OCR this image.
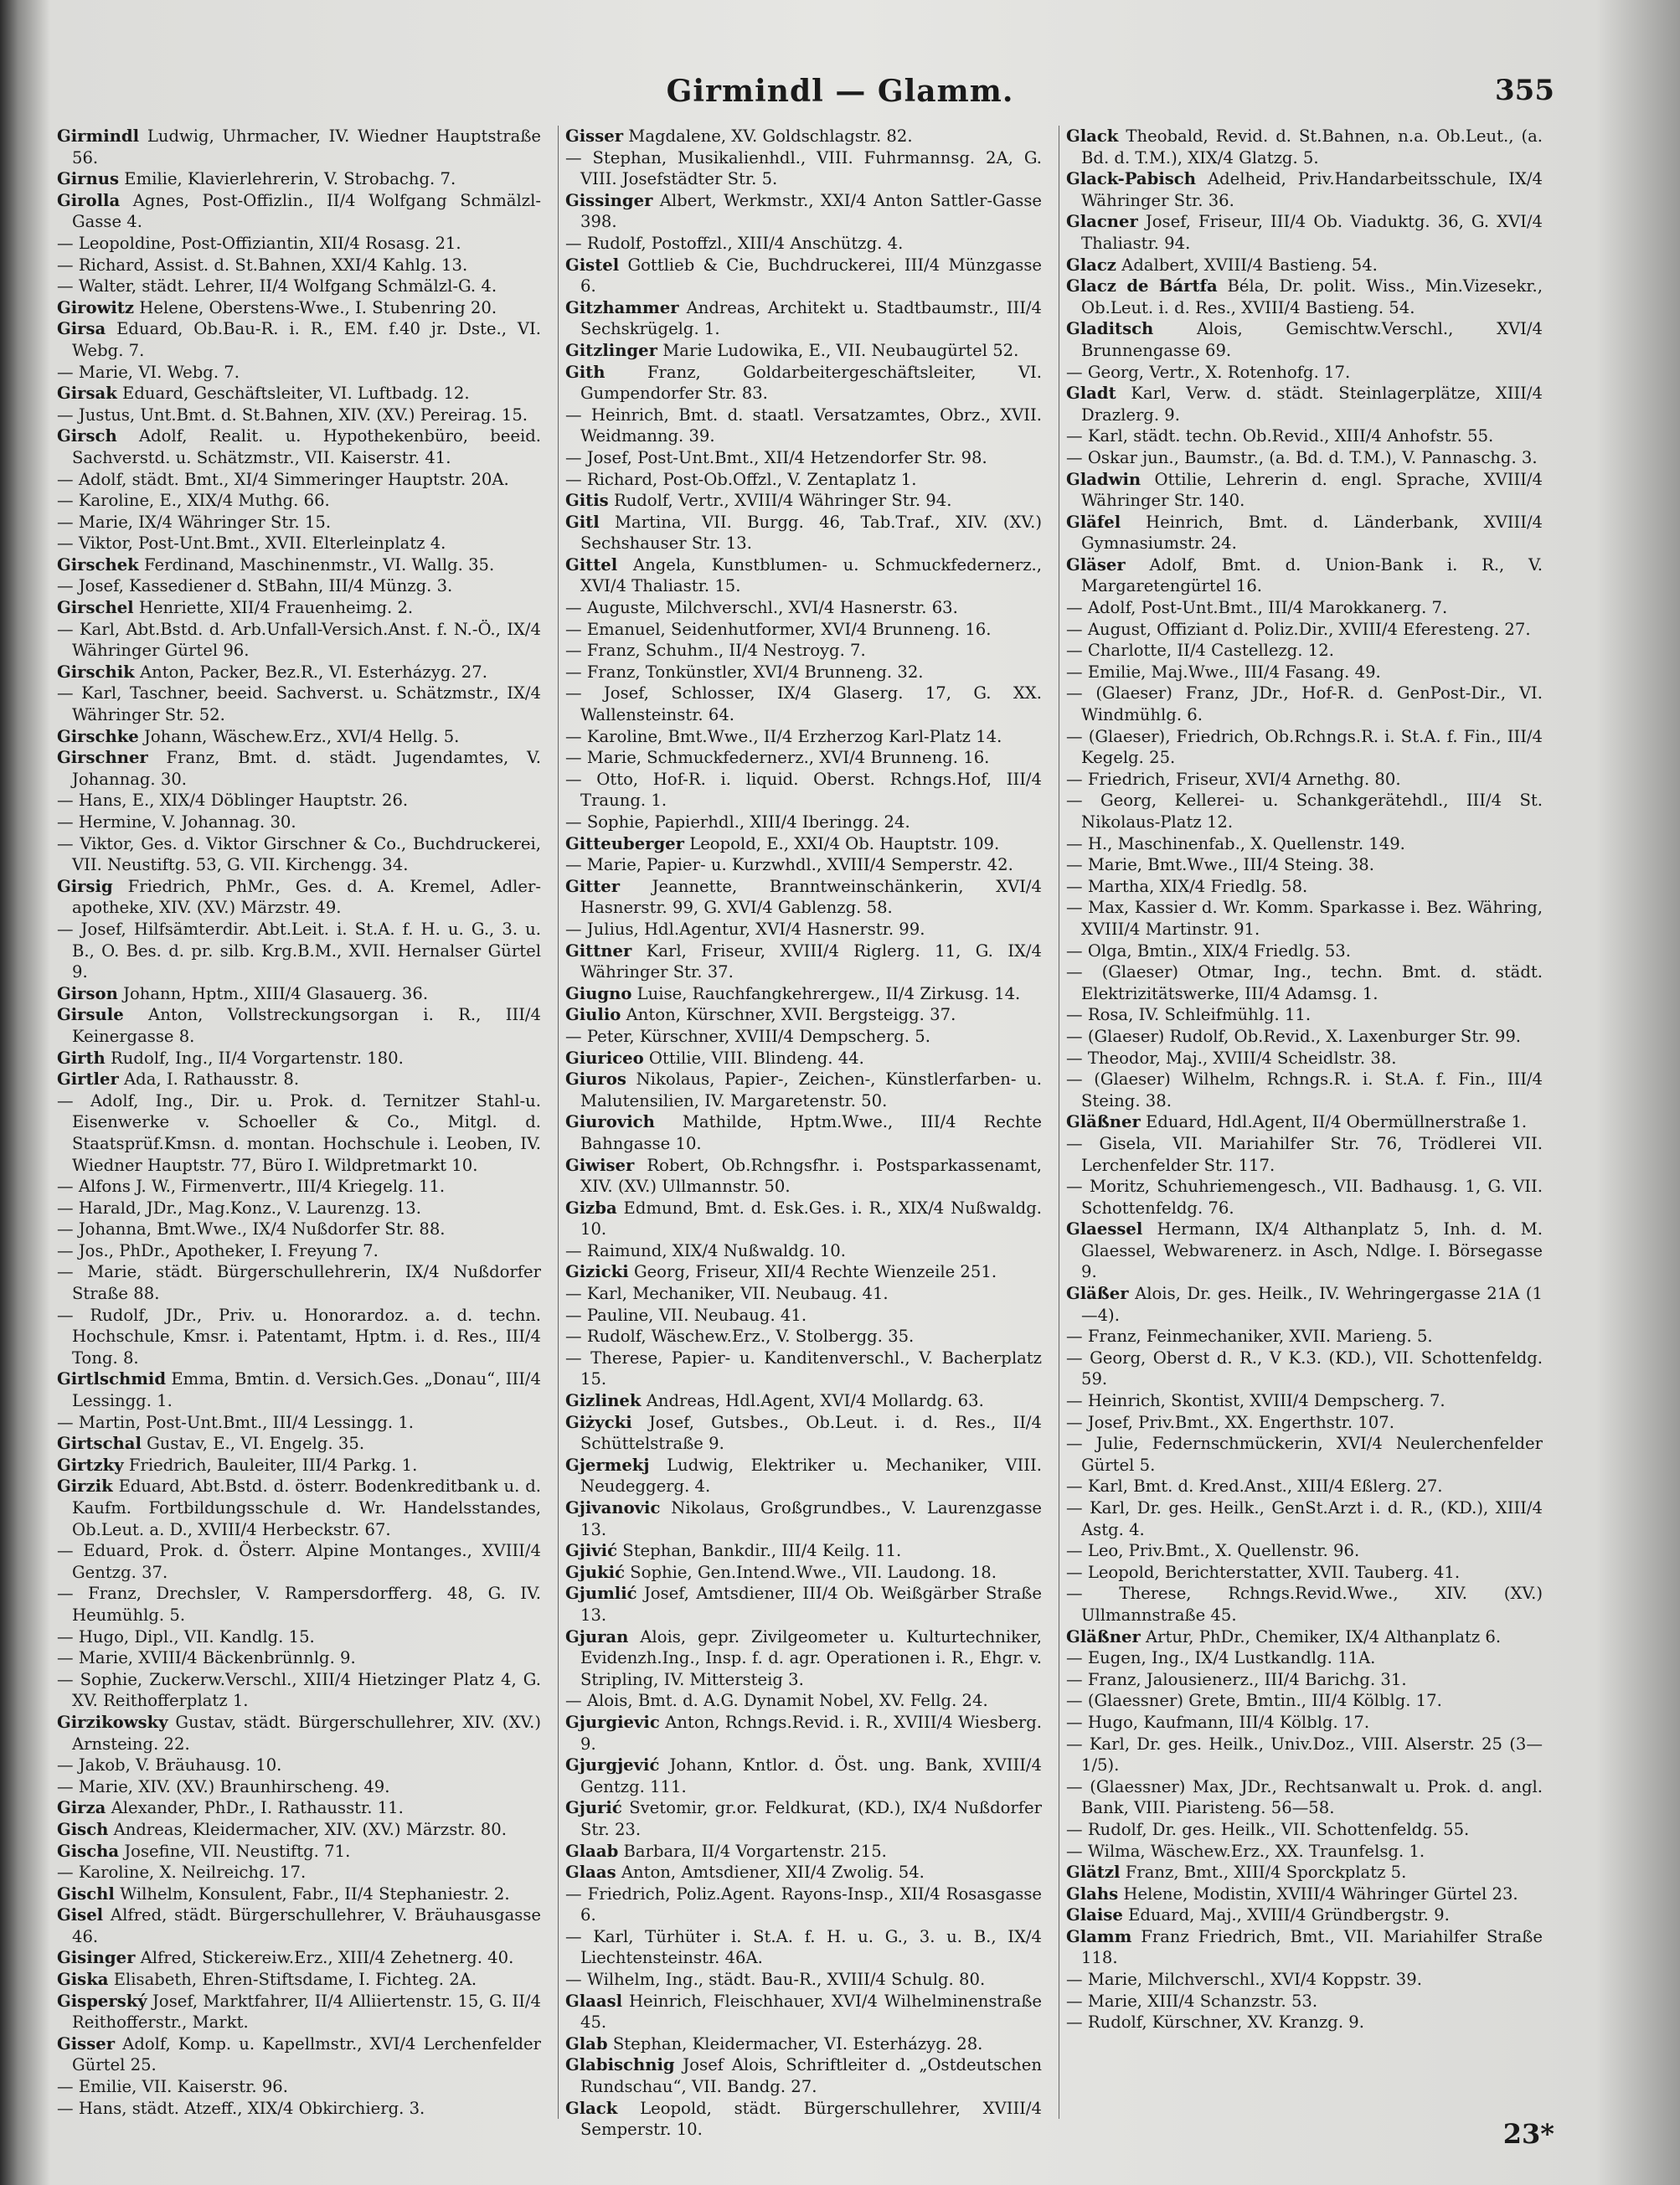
Girmindl — Glamm.	355

Girmindl Ludwig, Uhrmacher, IV. Wiedner Hauptstraße 56.

Girnus Emilie, Klavierlehrerin, V. Strobachg. 7.

Girolla Agnes, Post-Offizlin., II/4 Wolfgang Schmälzl-Gasse 4.

— Leopoldine, Post-Offiziantin, XII/4 Rosasg. 21.

— Richard, Assist. d. St.Bahnen, XXI/4 Kahlg. 13.

— Walter, städt. Lehrer, II/4 Wolfgang Schmälzl-G. 4.

Girowitz Helene, Oberstens-Wwe., I. Stubenring 20.

Girsa Eduard, Ob.Bau-R. i. R., EM. f.40 jr. Dste., VI. Webg. 7.

— Marie, VI. Webg. 7.

Girsak Eduard, Geschäftsleiter, VI. Luftbadg. 12.

— Justus, Unt.Bmt. d. St.Bahnen, XIV. (XV.) Pereirag. 15.

Girsch Adolf, Realit. u. Hypothekenbüro, beeid. Sachverstd. u. Schätzmstr., VII. Kaiserstr. 41.

— Adolf, städt. Bmt., XI/4 Simmeringer Hauptstr. 20A.

— Karoline, E., XIX/4 Muthg. 66.

— Marie, IX/4 Währinger Str. 15.

— Viktor, Post-Unt.Bmt., XVII. Elterleinplatz 4.

Girschek Ferdinand, Maschinenmstr., VI. Wallg. 35.

— Josef, Kassediener d. StBahn, III/4 Münzg. 3.

Girschel Henriette, XII/4 Frauenheimg. 2.

— Karl, Abt.Bstd. d. Arb.Unfall-Versich.Anst. f. N.-Ö., IX/4 Währinger Gürtel 96.

Girschik Anton, Packer, Bez.R., VI. Esterházyg. 27.

— Karl, Taschner, beeid. Sachverst. u. Schätzmstr., IX/4 Währinger Str. 52.

Girschke Johann, Wäschew.Erz., XVI/4 Hellg. 5.

Girschner Franz, Bmt. d. städt. Jugendamtes, V. Johannag. 30.

— Hans, E., XIX/4 Döblinger Hauptstr. 26.

— Hermine, V. Johannag. 30.

— Viktor, Ges. d. Viktor Girschner & Co., Buchdruckerei, VII. Neustiftg. 53, G. VII. Kirchengg. 34.

Girsig Friedrich, PhMr., Ges. d. A. Kremel, Adler-apotheke, XIV. (XV.) Märzstr. 49.

— Josef, Hilfsämterdir. Abt.Leit. i. St.A. f. H. u. G., 3. u. B., O. Bes. d. pr. silb. Krg.B.M., XVII. Hernalser Gürtel 9.

Girson Johann, Hptm., XIII/4 Glasauerg. 36.

Girsule Anton, Vollstreckungsorgan i. R., III/4 Keinergasse 8.

Girth Rudolf, Ing., II/4 Vorgartenstr. 180.

Girtler Ada, I. Rathausstr. 8.

— Adolf, Ing., Dir. u. Prok. d. Ternitzer Stahl-u. Eisenwerke v. Schoeller & Co., Mitgl. d. Staatsprüf.Kmsn. d. montan. Hochschule i. Leoben, IV. Wiedner Hauptstr. 77, Büro I. Wildpretmarkt 10.

— Alfons J. W., Firmenvertr., III/4 Kriegelg. 11.

— Harald, JDr., Mag.Konz., V. Laurenzg. 13.

— Johanna, Bmt.Wwe., IX/4 Nußdorfer Str. 88.

— Jos., PhDr., Apotheker, I. Freyung 7.

— Marie, städt. Bürgerschullehrerin, IX/4 Nußdorfer Straße 88.

— Rudolf, JDr., Priv. u. Honorardoz. a. d. techn. Hochschule, Kmsr. i. Patentamt, Hptm. i. d. Res., III/4 Tong. 8.

Girtlschmid Emma, Bmtin. d. Versich.Ges. „Donau“, III/4 Lessingg. 1.

— Martin, Post-Unt.Bmt., III/4 Lessingg. 1.

Girtschal Gustav, E., VI. Engelg. 35.

Girtzky Friedrich, Bauleiter, III/4 Parkg. 1.

Girzik Eduard, Abt.Bstd. d. österr. Bodenkreditbank u. d. Kaufm. Fortbildungsschule d. Wr. Handelsstandes, Ob.Leut. a. D., XVIII/4 Herbeckstr. 67.

— Eduard, Prok. d. Österr. Alpine Montanges., XVIII/4 Gentzg. 37.

— Franz, Drechsler, V. Rampersdorfferg. 48, G. IV. Heumühlg. 5.

— Hugo, Dipl., VII. Kandlg. 15.

— Marie, XVIII/4 Bäckenbrünnlg. 9.

— Sophie, Zuckerw.Verschl., XIII/4 Hietzinger Platz 4, G. XV. Reithofferplatz 1.

Girzikowsky Gustav, städt. Bürgerschullehrer, XIV. (XV.) Arnsteing. 22.

— Jakob, V. Bräuhausg. 10.

— Marie, XIV. (XV.) Braunhirscheng. 49.

Girza Alexander, PhDr., I. Rathausstr. 11.

Gisch Andreas, Kleidermacher, XIV. (XV.) Märzstr. 80.

Gischa Josefine, VII. Neustiftg. 71.

— Karoline, X. Neilreichg. 17.

Gischl Wilhelm, Konsulent, Fabr., II/4 Stephaniestr. 2.

Gisel Alfred, städt. Bürgerschullehrer, V. Bräuhausgasse 46.

Gisinger Alfred, Stickereiw.Erz., XIII/4 Zehetnerg. 40.

Giska Elisabeth, Ehren-Stiftsdame, I. Fichteg. 2A.

Gisperský Josef, Marktfahrer, II/4 Alliiertenstr. 15, G. II/4 Reithofferstr., Markt.

Gisser Adolf, Komp. u. Kapellmstr., XVI/4 Lerchenfelder Gürtel 25.

— Emilie, VII. Kaiserstr. 96.

— Hans, städt. Atzeff., XIX/4 Obkirchierg. 3.

Gisser Magdalene, XV. Goldschlagstr. 82.

— Stephan, Musikalienhdl., VIII. Fuhrmannsg. 2A, G. VIII. Josefstädter Str. 5.

Gissinger Albert, Werkmstr., XXI/4 Anton Sattler-Gasse 398.

— Rudolf, Postoffzl., XIII/4 Anschützg. 4.

Gistel Gottlieb & Cie, Buchdruckerei, III/4 Münzgasse 6.

Gitzhammer Andreas, Architekt u. Stadtbaumstr., III/4 Sechskrügelg. 1.

Gitzlinger Marie Ludowika, E., VII. Neubaugürtel 52.

Gith	Franz, Goldarbeitergeschäftsleiter, VI. Gumpendorfer Str. 83.

— Heinrich, Bmt. d. staatl. Versatzamtes, Obrz., XVII. Weidmanng. 39.

— Josef, Post-Unt.Bmt., XII/4 Hetzendorfer Str. 98.

— Richard, Post-Ob.Offzl., V. Zentaplatz 1.

Gitis Rudolf, Vertr., XVIII/4 Währinger Str. 94.

Gitl Martina, VII. Burgg. 46, Tab.Traf., XIV. (XV.) Sechshauser Str. 13.

Gittel Angela, Kunstblumen- u. Schmuckfedernerz., XVI/4 Thaliastr. 15.

— Auguste, Milchverschl., XVI/4 Hasnerstr. 63.

— Emanuel, Seidenhutformer, XVI/4 Brunneng. 16.

— Franz, Schuhm., II/4 Nestroyg. 7.

— Franz, Tonkünstler, XVI/4 Brunneng. 32.

— Josef, Schlosser, IX/4 Glaserg. 17, G. XX. Wallensteinstr. 64.

— Karoline, Bmt.Wwe., II/4 Erzherzog Karl-Platz 14.

— Marie, Schmuckfedernerz., XVI/4 Brunneng. 16.

— Otto, Hof-R. i. liquid. Oberst. Rchngs.Hof, III/4 Traung. 1.

— Sophie, Papierhdl., XIII/4 Iberingg. 24.

Gitteuberger Leopold, E., XXI/4 Ob. Hauptstr. 109.

— Marie, Papier- u. Kurzwhdl., XVIII/4 Semperstr. 42.

Gitter Jeannette, Branntweinschänkerin, XVI/4 Hasnerstr. 99, G. XVI/4 Gablenzg. 58.

— Julius, Hdl.Agentur, XVI/4 Hasnerstr. 99.

Gittner Karl, Friseur, XVIII/4 Riglerg. 11, G. IX/4 Währinger Str. 37.

Giugno Luise, Rauchfangkehrergew., II/4 Zirkusg. 14.

Giulio Anton, Kürschner, XVII. Bergsteigg. 37.

— Peter, Kürschner, XVIII/4 Dempscherg. 5.

Giuriceo Ottilie, VIII. Blindeng. 44.

Giuros Nikolaus, Papier-, Zeichen-, Künstlerfarben- u. Malutensilien, IV. Margaretenstr. 50.

Giurovich Mathilde, Hptm.Wwe., III/4 Rechte Bahngasse 10.

Giwiser Robert, Ob.Rchngsfhr. i. Postsparkassenamt, XIV. (XV.) Ullmannstr. 50.

Gizba Edmund, Bmt. d. Esk.Ges. i. R., XIX/4 Nußwaldg. 10.

— Raimund, XIX/4 Nußwaldg. 10.

Gizicki Georg, Friseur, XII/4 Rechte Wienzeile 251.

— Karl, Mechaniker, VII. Neubaug. 41.

— Pauline, VII. Neubaug. 41.

— Rudolf, Wäschew.Erz., V. Stolbergg. 35.

— Therese, Papier- u. Kanditenverschl., V. Bacherplatz 15.

Gizlinek Andreas, Hdl.Agent, XVI/4 Mollardg. 63.

Giżycki Josef, Gutsbes., Ob.Leut. i. d. Res., II/4 Schüttelstraße 9.

Gjermekj Ludwig, Elektriker u. Mechaniker, VIII. Neudeggerg. 4.

Gjivanovic Nikolaus, Großgrundbes., V. Laurenzgasse 13.

Gjivić Stephan, Bankdir., III/4 Keilg. 11.

Gjukić Sophie, Gen.Intend.Wwe., VII. Laudong. 18.

Gjumlić Josef, Amtsdiener, III/4 Ob. Weißgärber Straße 13.

Gjuran Alois, gepr. Zivilgeometer u. Kulturtechniker, Evidenzh.Ing., Insp. f. d. agr. Operationen i. R., Ehgr. v. Stripling, IV. Mittersteig 3.

— Alois, Bmt. d. A.G. Dynamit Nobel, XV. Fellg. 24.

Gjurgievic Anton, Rchngs.Revid. i. R., XVIII/4 Wiesberg. 9.

Gjurgjević Johann, Kntlor. d. Öst. ung. Bank, XVIII/4 Gentzg. 111.

Gjurić Svetomir, gr.or. Feldkurat, (KD.), IX/4 Nußdorfer Str. 23.

Glaab Barbara, II/4 Vorgartenstr. 215.

Glaas Anton, Amtsdiener, XII/4 Zwolig. 54.

— Friedrich, Poliz.Agent. Rayons-Insp., XII/4 Rosasgasse 6.

— Karl, Türhüter i. St.A. f. H. u. G., 3. u. B., IX/4 Liechtensteinstr. 46A.

— Wilhelm, Ing., städt. Bau-R., XVIII/4 Schulg. 80.

Glaasl Heinrich, Fleischhauer, XVI/4 Wilhelminenstraße 45.

Glab Stephan, Kleidermacher, VI. Esterházyg. 28.

Glabischnig Josef Alois, Schriftleiter d. „Ostdeutschen Rundschau“, VII. Bandg. 27.

Glack Leopold, städt. Bürgerschullehrer, XVIII/4 Semperstr. 10.

Glack Theobald, Revid. d. St.Bahnen, n.a. Ob.Leut., (a. Bd. d. T.M.), XIX/4 Glatzg. 5.

Glack-Pabisch Adelheid, Priv.Handarbeitsschule, IX/4 Währinger Str. 36.

Glacner Josef, Friseur, III/4 Ob. Viaduktg. 36, G. XVI/4 Thaliastr. 94.

Glacz Adalbert, XVIII/4 Bastieng. 54.

Glacz de Bártfa Béla, Dr. polit. Wiss., Min.Vizesekr., Ob.Leut. i. d. Res., XVIII/4 Bastieng. 54.

Gladitsch	Alois, Gemischtw.Verschl., XVI/4 Brunnengasse 69.

— Georg, Vertr., X. Rotenhofg. 17.

Gladt Karl, Verw. d. städt. Steinlagerplätze, XIII/4 Drazlerg. 9.

— Karl, städt. techn. Ob.Revid., XIII/4 Anhofstr. 55.

— Oskar jun., Baumstr., (a. Bd. d. T.M.), V. Pannaschg. 3.

Gladwin Ottilie, Lehrerin d. engl. Sprache, XVIII/4 Währinger Str. 140.

Gläfel Heinrich, Bmt. d. Länderbank, XVIII/4 Gymnasiumstr. 24.

Gläser Adolf, Bmt. d. Union-Bank i. R., V. Margaretengürtel 16.

— Adolf, Post-Unt.Bmt., III/4 Marokkanerg. 7.

— August, Offiziant d. Poliz.Dir., XVIII/4 Eferesteng. 27.

— Charlotte, II/4 Castellezg. 12.

— Emilie, Maj.Wwe., III/4 Fasang. 49.

— (Glaeser) Franz, JDr., Hof-R. d. GenPost-Dir., VI. Windmühlg. 6.

— (Glaeser), Friedrich, Ob.Rchngs.R. i. St.A. f. Fin., III/4 Kegelg. 25.

— Friedrich, Friseur, XVI/4 Arnethg. 80.

— Georg, Kellerei- u. Schankgerätehdl., III/4 St. Nikolaus-Platz 12.

— H., Maschinenfab., X. Quellenstr. 149.

— Marie, Bmt.Wwe., III/4 Steing. 38.

— Martha, XIX/4 Friedlg. 58.

— Max, Kassier d. Wr. Komm. Sparkasse i. Bez. Währing, XVIII/4 Martinstr. 91.

— Olga, Bmtin., XIX/4 Friedlg. 53.

— (Glaeser) Otmar, Ing., techn. Bmt. d. städt. Elektrizitätswerke, III/4 Adamsg. 1.

— Rosa, IV. Schleifmühlg. 11.

— (Glaeser) Rudolf, Ob.Revid., X. Laxenburger Str. 99.

— Theodor, Maj., XVIII/4 Scheidlstr. 38.

— (Glaeser) Wilhelm, Rchngs.R. i. St.A. f. Fin., III/4 Steing. 38.

Gläßner Eduard, Hdl.Agent, II/4 Obermüllnerstraße 1.

— Gisela, VII. Mariahilfer Str. 76, Trödlerei VII. Lerchenfelder Str. 117.

— Moritz, Schuhriemengesch., VII. Badhausg. 1, G. VII. Schottenfeldg. 76.

Glaessel Hermann, IX/4 Althanplatz 5, Inh. d. M. Glaessel, Webwarenerz. in Asch, Ndlge. I. Börsegasse 9.

Gläßer Alois, Dr. ges. Heilk., IV. Wehringergasse 21A (1—4).

— Franz, Feinmechaniker, XVII. Marieng. 5.

— Georg, Oberst d. R., V K.3. (KD.), VII. Schottenfeldg. 59.

— Heinrich, Skontist, XVIII/4 Dempscherg. 7.

— Josef, Priv.Bmt., XX. Engerthstr. 107.

— Julie, Federnschmückerin, XVI/4 Neulerchenfelder Gürtel 5.

— Karl, Bmt. d. Kred.Anst., XIII/4 Eßlerg. 27.

— Karl, Dr. ges. Heilk., GenSt.Arzt i. d. R., (KD.), XIII/4 Astg. 4.

— Leo, Priv.Bmt., X. Quellenstr. 96.

— Leopold, Berichterstatter, XVII. Tauberg. 41.

— Therese, Rchngs.Revid.Wwe., XIV. (XV.) Ullmannstraße 45.

Gläßner Artur, PhDr., Chemiker, IX/4 Althanplatz 6.

— Eugen, Ing., IX/4 Lustkandlg. 11A.

— Franz, Jalousienerz., III/4 Barichg. 31.

— (Glaessner) Grete, Bmtin., III/4 Kölblg. 17.

— Hugo, Kaufmann, III/4 Kölblg. 17.

— Karl, Dr. ges. Heilk., Univ.Doz., VIII. Alserstr. 25 (3—1/5).

— (Glaessner) Max, JDr., Rechtsanwalt u. Prok. d. angl. Bank, VIII. Piaristeng. 56—58.

— Rudolf, Dr. ges. Heilk., VII. Schottenfeldg. 55.

— Wilma, Wäschew.Erz., XX. Traunfelsg. 1.

Glätzl Franz, Bmt., XIII/4 Sporckplatz 5.

Glahs Helene, Modistin, XVIII/4 Währinger Gürtel 23.

Glaise Eduard, Maj., XVIII/4 Gründbergstr. 9.

Glamm Franz Friedrich, Bmt., VII. Mariahilfer Straße 118.

— Marie, Milchverschl., XVI/4 Koppstr. 39.

— Marie, XIII/4 Schanzstr. 53.

— Rudolf, Kürschner, XV. Kranzg. 9.

23*
